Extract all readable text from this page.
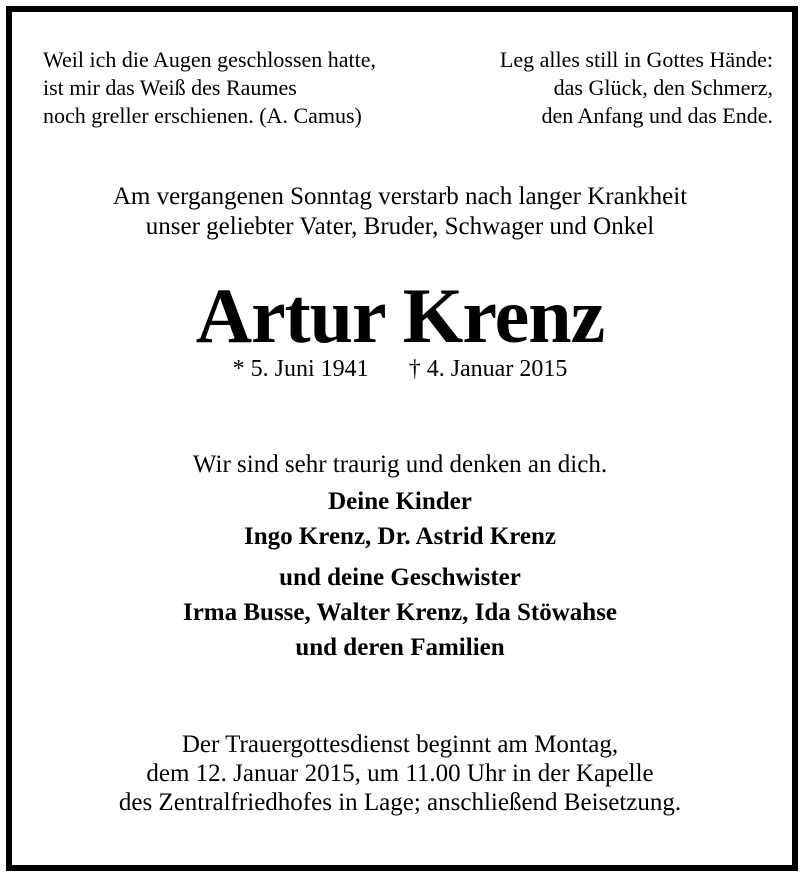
Weil ich die Augen geschlossen hatte,
ist mir das Weiß des Raumes
noch greller erschienen. (A. Camus)
Leg alles still in Gottes Hände:
das Glück, den Schmerz,
den Anfang und das Ende.
Am vergangenen Sonntag verstarb nach langer Krankheit
unser geliebter Vater, Bruder, Schwager und Onkel
Artur Krenz
* 5. Juni 1941 † 4. Januar 2015
Wir sind sehr traurig und denken an dich.
Deine Kinder
Ingo Krenz, Dr. Astrid Krenz
und deine Geschwister
Irma Busse, Walter Krenz, Ida Stöwahse
und deren Familien
Der Trauergottesdienst beginnt am Montag,
dem 12. Januar 2015, um 11.00 Uhr in der Kapelle
des Zentralfriedhofes in Lage; anschließend Beisetzung.
